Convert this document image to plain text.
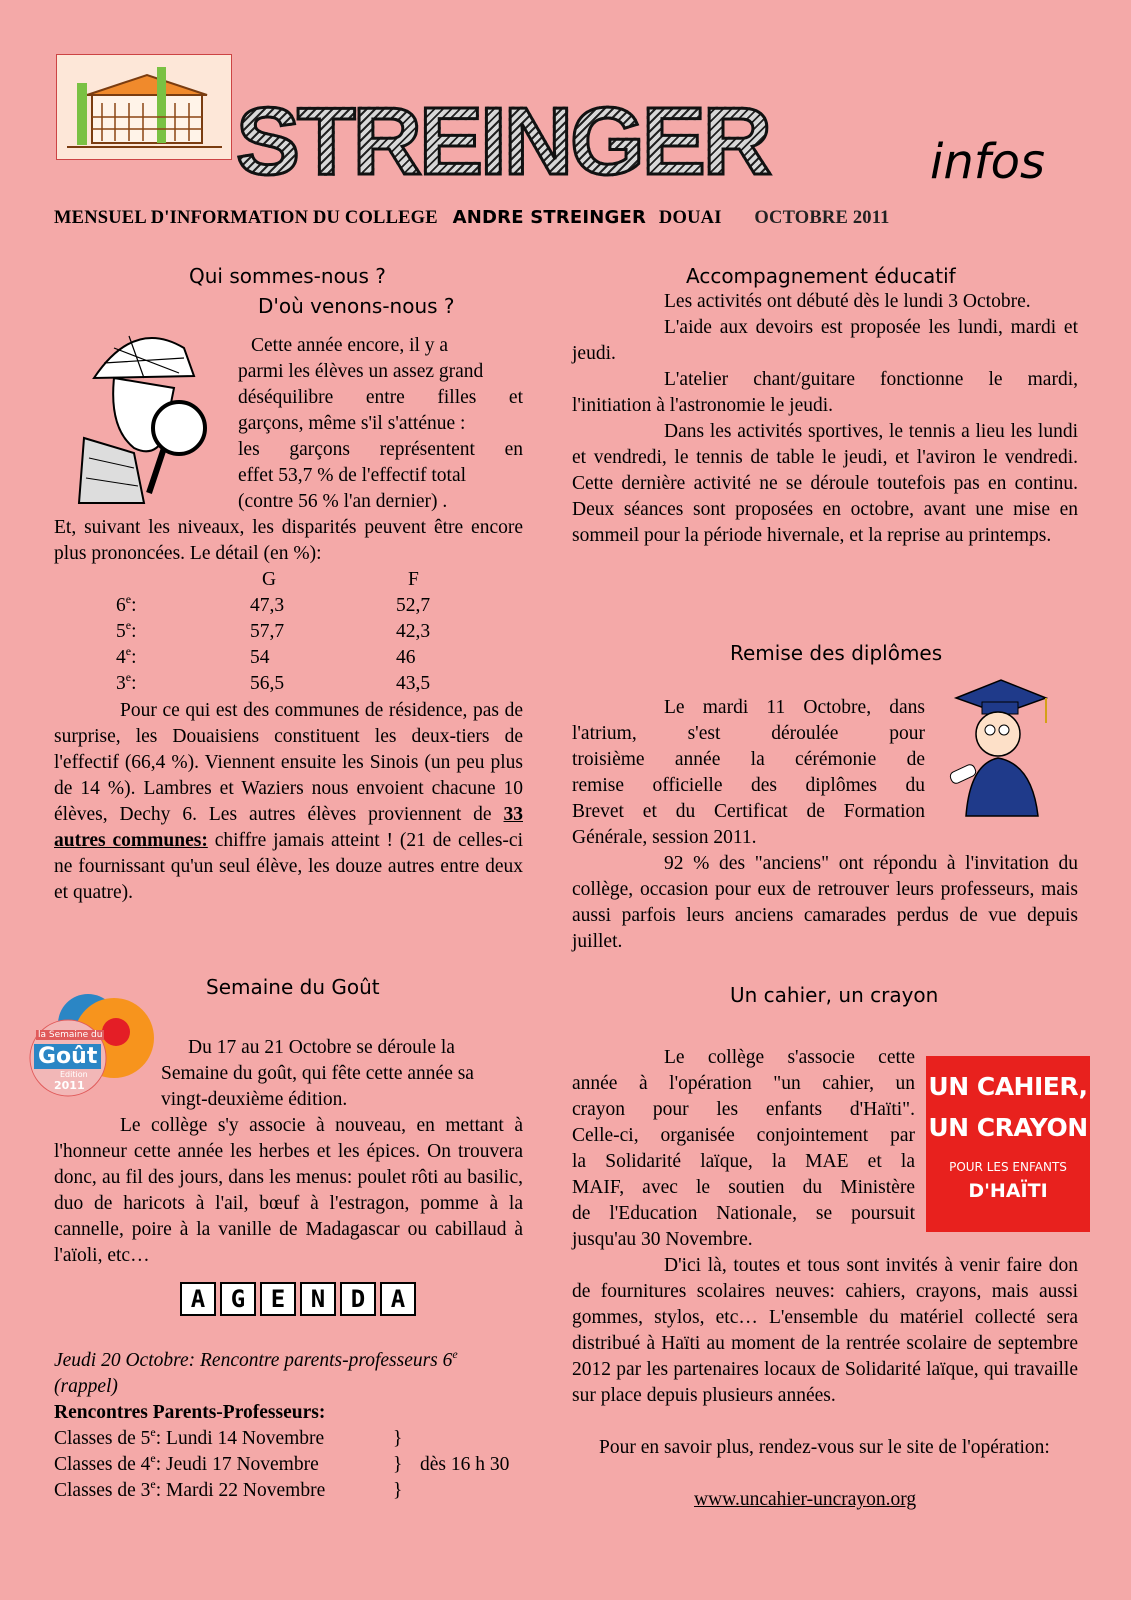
STREINGER	infos
MENSUEL D'INFORMATION DU COLLEGE ANDRE STREINGER DOUAI OCTOBRE 2011
Qui sommes-nous ?
D'où venons-nous ?

Cette année encore, il y a

parmi les élèves un assez grand

déséquilibre entre filles et

garçons, même s'il s'atténue :

les garçons représentent en

effet 53,7 % de l'effectif total

(contre 56 % l'an dernier) .

Et, suivant les niveaux, les disparités peuvent être encore plus prononcées. Le détail (en %):
	G	F
6e:	47,3	52,7
5e:	57,7	42,3
4e:	54	46
3e:	56,5	43,5
Pour ce qui est des communes de résidence, pas de surprise, les Douaisiens constituent les deux-tiers de l'effectif (66,4 %). Viennent ensuite les Sinois (un peu plus de 14 %). Lambres et Waziers nous envoient chacune 10 élèves, Dechy 6. Les autres élèves proviennent de 33 autres communes: chiffre jamais atteint ! (21 de celles-ci ne fournissant qu'un seul élève, les douze autres entre deux et quatre).
Semaine du Goût
la Semaine du
Goût
Edition
2011

Du 17 au 21 Octobre se déroule la

Semaine du goût, qui fête cette année sa

vingt-deuxième édition.

Le collège s'y associe à nouveau, en mettant à l'honneur cette année les herbes et les épices. On trouvera donc, au fil des jours, dans les menus: poulet rôti au basilic, duo de haricots à l'ail, bœuf à l'estragon, pomme à la cannelle, poire à la vanille de Madagascar ou cabillaud à l'aïoli, etc…
A G E N D A
Jeudi 20 Octobre: Rencontre parents-professeurs 6e
(rappel)
Rencontres Parents-Professeurs:
Classes de 5e: Lundi 14 Novembre	}
Classes de 4e: Jeudi 17 Novembre	} dès 16 h 30
Classes de 3e: Mardi 22 Novembre	}
Accompagnement éducatif

Les activités ont débuté dès le lundi 3 Octobre.

L'aide aux devoirs est proposée les lundi, mardi et jeudi.

L'atelier chant/guitare fonctionne le mardi, l'initiation à l'astronomie le jeudi.

Dans les activités sportives, le tennis a lieu les lundi et vendredi, le tennis de table le jeudi, et l'aviron le vendredi. Cette dernière activité ne se déroule toutefois pas en continu. Deux séances sont proposées en octobre, avant une mise en sommeil pour la période hivernale, et la reprise au printemps.

Remise des diplômes

Le mardi 11 Octobre, dans

l'atrium, s'est déroulée pour

troisième année la cérémonie de

remise officielle des diplômes du

Brevet et du Certificat de Formation

Générale, session 2011.

92 % des "anciens" ont répondu à l'invitation du collège, occasion pour eux de retrouver leurs professeurs, mais aussi parfois leurs anciens camarades perdus de vue depuis juillet.
Un cahier, un crayon

Le collège s'associe cette

année à l'opération "un cahier, un

crayon pour les enfants d'Haïti".

Celle-ci, organisée conjointement par

la Solidarité laïque, la MAE et la

MAIF, avec le soutien du Ministère

de l'Education Nationale, se poursuit

jusqu'au 30 Novembre.

UN CAHIER,
UN CRAYON
POUR LES ENFANTS
D'HAÏTI
D'ici là, toutes et tous sont invités à venir faire don de fournitures scolaires neuves: cahiers, crayons, mais aussi gommes, stylos, etc… L'ensemble du matériel collecté sera distribué à Haïti au moment de la rentrée scolaire de septembre 2012 par les partenaires locaux de Solidarité laïque, qui travaille sur place depuis plusieurs années.
Pour en savoir plus, rendez-vous sur le site de l'opération:
www.uncahier-uncrayon.org
